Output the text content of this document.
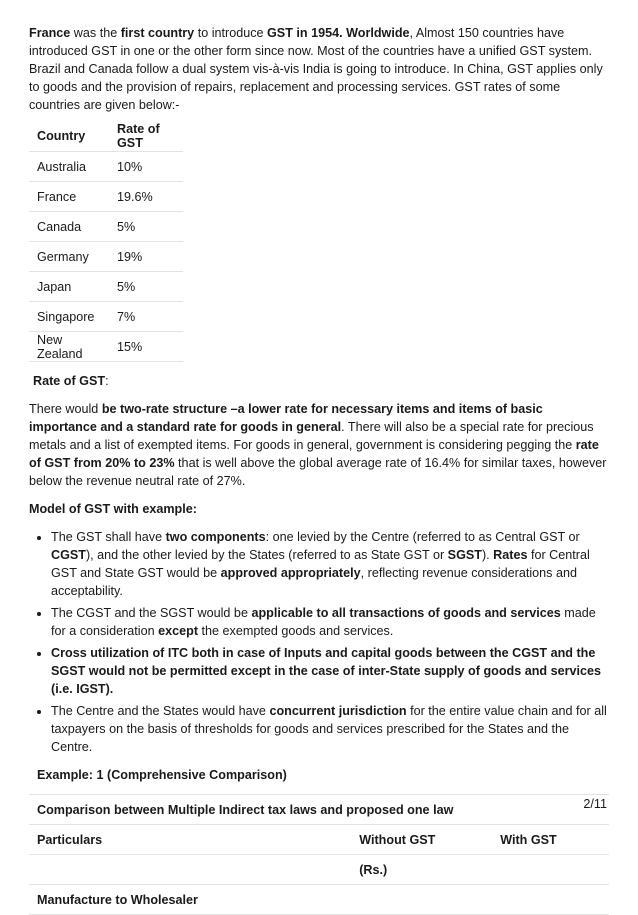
France was the first country to introduce GST in 1954. Worldwide, Almost 150 countries have introduced GST in one or the other form since now. Most of the countries have a unified GST system. Brazil and Canada follow a dual system vis-à-vis India is going to introduce. In China, GST applies only to goods and the provision of repairs, replacement and processing services. GST rates of some countries are given below:-

Country	Rate of GST
Australia	10%
France	19.6%
Canada	5%
Germany	19%
Japan	5%
Singapore	7%
New Zealand	15%

Rate of GST:

There would be two-rate structure –a lower rate for necessary items and items of basic importance and a standard rate for goods in general. There will also be a special rate for precious metals and a list of exempted items. For goods in general, government is considering pegging the rate of GST from 20% to 23% that is well above the global average rate of 16.4% for similar taxes, however below the revenue neutral rate of 27%.

Model of GST with example:

• The GST shall have two components: one levied by the Centre (referred to as Central GST or CGST), and the other levied by the States (referred to as State GST or SGST). Rates for Central GST and State GST would be approved appropriately, reflecting revenue considerations and acceptability.
• The CGST and the SGST would be applicable to all transactions of goods and services made for a consideration except the exempted goods and services.
• Cross utilization of ITC both in case of Inputs and capital goods between the CGST and the SGST would not be permitted except in the case of inter-State supply of goods and services (i.e. IGST).
• The Centre and the States would have concurrent jurisdiction for the entire value chain and for all taxpayers on the basis of thresholds for goods and services prescribed for the States and the Centre.
Example: 1 (Comprehensive Comparison)
Comparison between Multiple Indirect tax laws and proposed one law		
Particulars	Without GST	With GST
	(Rs.)	
Manufacture to Wholesaler		
2/11
